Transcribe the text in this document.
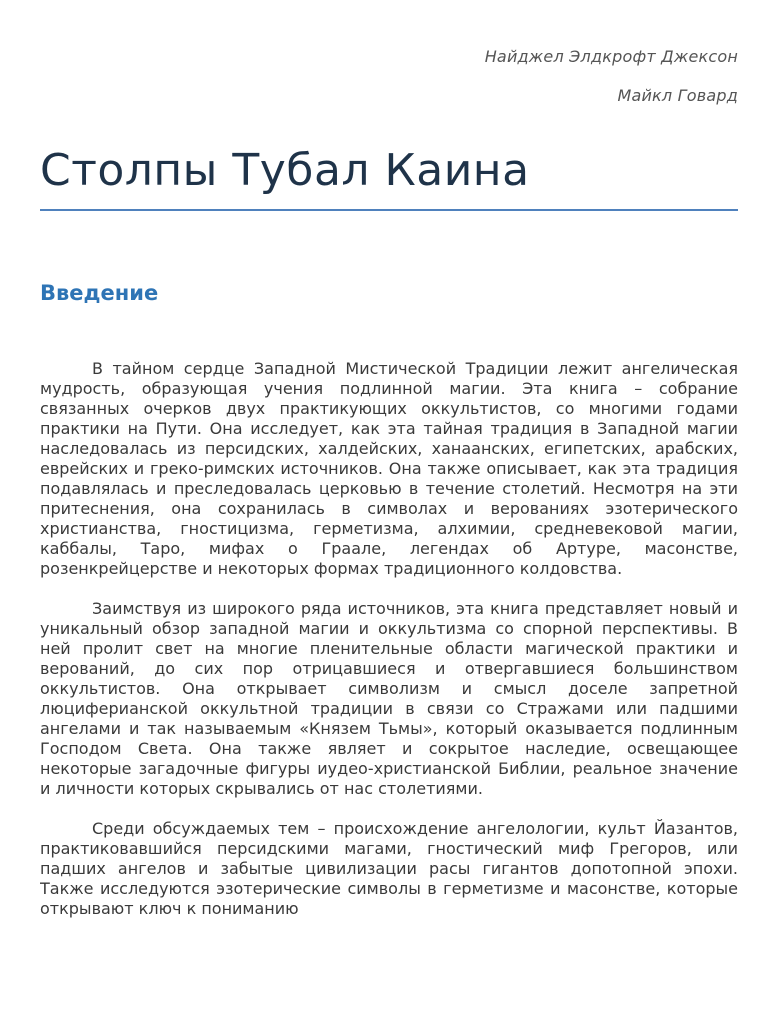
Найджел Элдкрофт Джексон
Майкл Говард
Столпы Тубал Каина
Введение

В тайном сердце Западной Мистической Традиции лежит ангелическая мудрость, образующая учения подлинной магии. Эта книга – собрание связанных очерков двух практикующих оккультистов, со многими годами практики на Пути. Она исследует, как эта тайная традиция в Западной магии наследовалась из персидских, халдейских, ханаанских, египетских, арабских, еврейских и греко-римских источников. Она также описывает, как эта традиция подавлялась и преследовалась церковью в течение столетий. Несмотря на эти притеснения, она сохранилась в символах и верованиях эзотерического христианства, гностицизма, герметизма, алхимии, средневековой магии, каббалы, Таро, мифах о Граале, легендах об Артуре, масонстве, розенкрейцерстве и некоторых формах традиционного колдовства.

Заимствуя из широкого ряда источников, эта книга представляет новый и уникальный обзор западной магии и оккультизма со спорной перспективы. В ней пролит свет на многие пленительные области магической практики и верований, до сих пор отрицавшиеся и отвергавшиеся большинством оккультистов. Она открывает символизм и смысл доселе запретной люциферианской оккультной традиции в связи со Стражами или падшими ангелами и так называемым «Князем Тьмы», который оказывается подлинным Господом Света. Она также являет и сокрытое наследие, освещающее некоторые загадочные фигуры иудео-христианской Библии, реальное значение и личности которых скрывались от нас столетиями.

Среди обсуждаемых тем – происхождение ангелологии, культ Йазантов, практиковавшийся персидскими магами, гностический миф Грегоров, или падших ангелов и забытые цивилизации расы гигантов допотопной эпохи. Также исследуются эзотерические символы в герметизме и масонстве, которые открывают ключ к пониманию
